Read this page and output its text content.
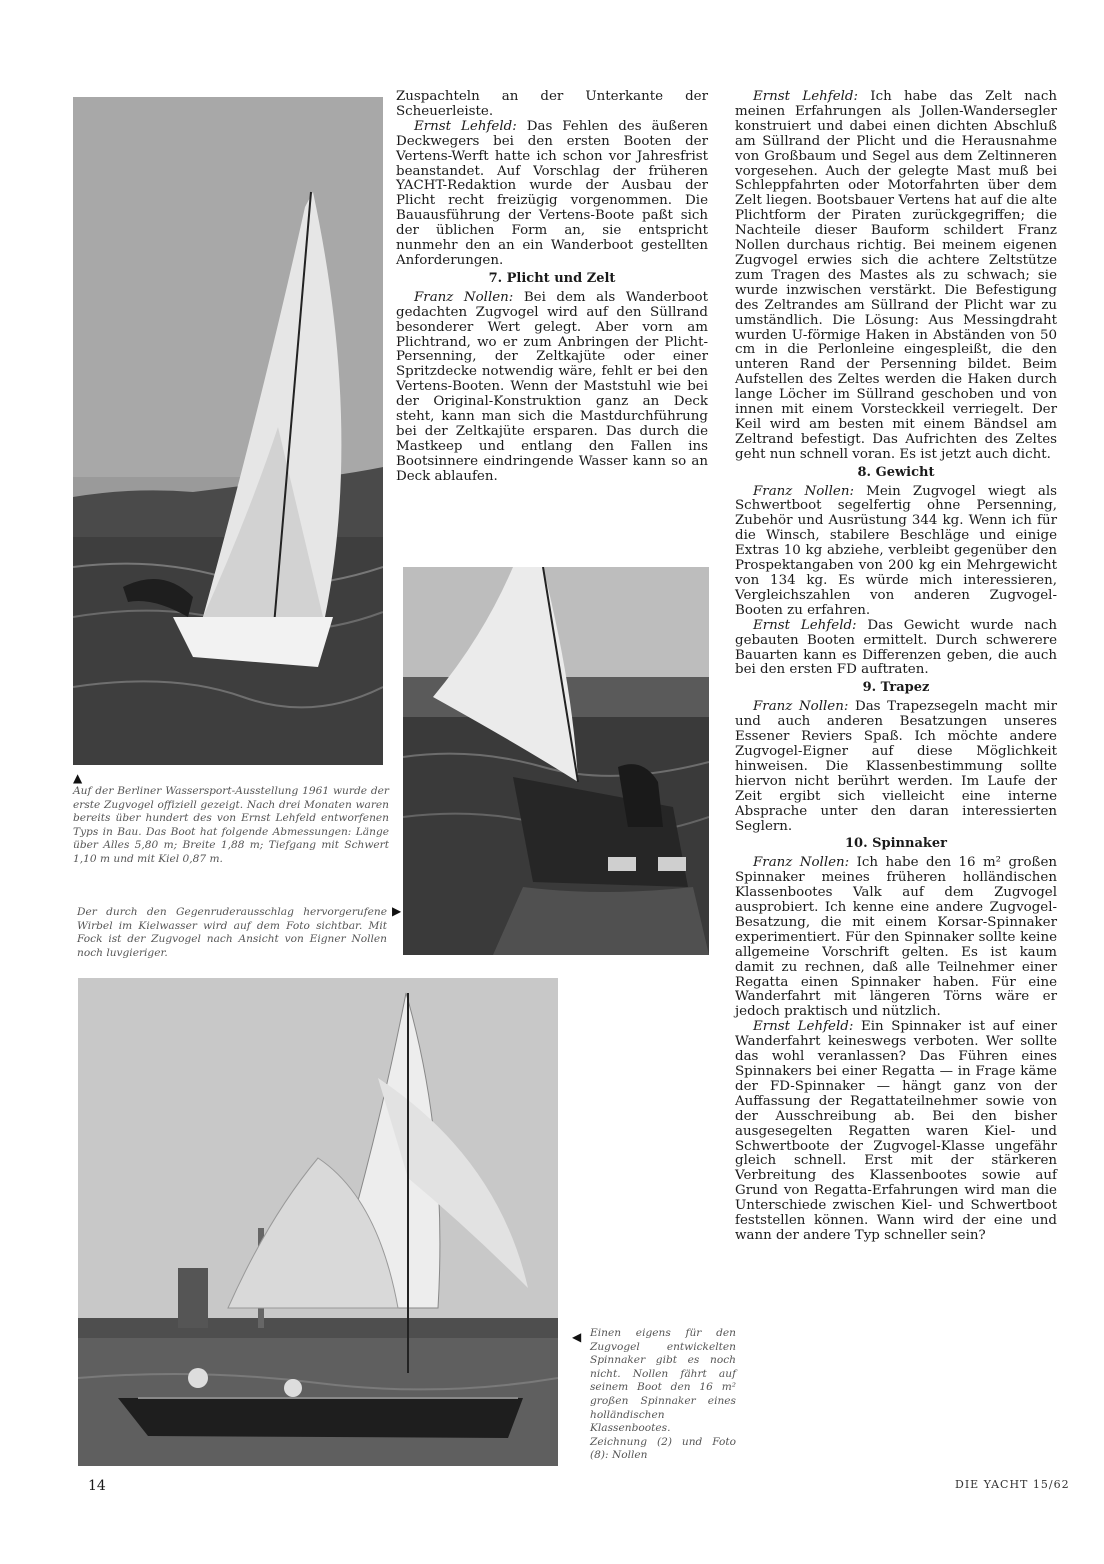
▲

Auf der Berliner Wassersport-Ausstellung 1961 wurde der erste Zugvogel offiziell gezeigt. Nach drei Monaten waren bereits über hundert des von Ernst Lehfeld entworfenen Typs in Bau. Das Boot hat folgende Abmessungen: Länge über Alles 5,80 m; Breite 1,88 m; Tiefgang mit Schwert 1,10 m und mit Kiel 0,87 m.

Der durch den Gegenruderausschlag hervorgerufene Wirbel im Kielwasser wird auf dem Foto sichtbar. Mit Fock ist der Zugvogel nach Ansicht von Eigner Nollen noch luvgieriger.

▶
◀ Einen eigens für den Zugvogel entwickelten Spinnaker gibt es noch nicht. Nollen fährt auf seinem Boot den 16 m² großen Spinnaker eines holländischen Klassenbootes.

Zeichnung (2) und Foto (8): Nollen

Zuspachteln an der Unterkante der Scheuerleiste.

Ernst Lehfeld: Das Fehlen des äußeren Deckwegers bei den ersten Booten der Vertens-Werft hatte ich schon vor Jahresfrist beanstandet. Auf Vorschlag der früheren YACHT-Redaktion wurde der Ausbau der Plicht recht freizügig vorgenommen. Die Bauausführung der Vertens-Boote paßt sich der üblichen Form an, sie entspricht nunmehr den an ein Wanderboot gestellten Anforderungen.

7. Plicht und Zelt

Franz Nollen: Bei dem als Wanderboot gedachten Zugvogel wird auf den Süllrand besonderer Wert gelegt. Aber vorn am Plichtrand, wo er zum Anbringen der Plicht-Persenning, der Zeltkajüte oder einer Spritzdecke notwendig wäre, fehlt er bei den Vertens-Booten. Wenn der Maststuhl wie bei der Original-Konstruktion ganz an Deck steht, kann man sich die Mastdurchführung bei der Zeltkajüte ersparen. Das durch die Mastkeep und entlang den Fallen ins Bootsinnere eindringende Wasser kann so an Deck ablaufen.

Ernst Lehfeld: Ich habe das Zelt nach meinen Erfahrungen als Jollen-Wandersegler konstruiert und dabei einen dichten Abschluß am Süllrand der Plicht und die Herausnahme von Großbaum und Segel aus dem Zeltinneren vorgesehen. Auch der gelegte Mast muß bei Schleppfahrten oder Motorfahrten über dem Zelt liegen. Bootsbauer Vertens hat auf die alte Plichtform der Piraten zurückgegriffen; die Nachteile dieser Bauform schildert Franz Nollen durchaus richtig. Bei meinem eigenen Zugvogel erwies sich die achtere Zeltstütze zum Tragen des Mastes als zu schwach; sie wurde inzwischen verstärkt. Die Befestigung des Zeltrandes am Süllrand der Plicht war zu umständlich. Die Lösung: Aus Messingdraht wurden U-förmige Haken in Abständen von 50 cm in die Perlonleine eingespleißt, die den unteren Rand der Persenning bildet. Beim Aufstellen des Zeltes werden die Haken durch lange Löcher im Süllrand geschoben und von innen mit einem Vorsteckkeil verriegelt. Der Keil wird am besten mit einem Bändsel am Zeltrand befestigt. Das Aufrichten des Zeltes geht nun schnell voran. Es ist jetzt auch dicht.

8. Gewicht

Franz Nollen: Mein Zugvogel wiegt als Schwertboot segelfertig ohne Persenning, Zubehör und Ausrüstung 344 kg. Wenn ich für die Winsch, stabilere Beschläge und einige Extras 10 kg abziehe, verbleibt gegenüber den Prospektangaben von 200 kg ein Mehrgewicht von 134 kg. Es würde mich interessieren, Vergleichszahlen von anderen Zugvogel-Booten zu erfahren.

Ernst Lehfeld: Das Gewicht wurde nach gebauten Booten ermittelt. Durch schwerere Bauarten kann es Differenzen geben, die auch bei den ersten FD auftraten.

9. Trapez

Franz Nollen: Das Trapezsegeln macht mir und auch anderen Besatzungen unseres Essener Reviers Spaß. Ich möchte andere Zugvogel-Eigner auf diese Möglichkeit hinweisen. Die Klassenbestimmung sollte hiervon nicht berührt werden. Im Laufe der Zeit ergibt sich vielleicht eine interne Absprache unter den daran interessierten Seglern.

10. Spinnaker

Franz Nollen: Ich habe den 16 m² großen Spinnaker meines früheren holländischen Klassenbootes Valk auf dem Zugvogel ausprobiert. Ich kenne eine andere Zugvogel-Besatzung, die mit einem Korsar-Spinnaker experimentiert. Für den Spinnaker sollte keine allgemeine Vorschrift gelten. Es ist kaum damit zu rechnen, daß alle Teilnehmer einer Regatta einen Spinnaker haben. Für eine Wanderfahrt mit längeren Törns wäre er jedoch praktisch und nützlich.

Ernst Lehfeld: Ein Spinnaker ist auf einer Wanderfahrt keineswegs verboten. Wer sollte das wohl veranlassen? Das Führen eines Spinnakers bei einer Regatta — in Frage käme der FD-Spinnaker — hängt ganz von der Auffassung der Regattateilnehmer sowie von der Ausschreibung ab. Bei den bisher ausgesegelten Regatten waren Kiel- und Schwertboote der Zugvogel-Klasse ungefähr gleich schnell. Erst mit der stärkeren Verbreitung des Klassenbootes sowie auf Grund von Regatta-Erfahrungen wird man die Unterschiede zwischen Kiel- und Schwertboot feststellen können. Wann wird der eine und wann der andere Typ schneller sein?

14	DIE YACHT 15/62
